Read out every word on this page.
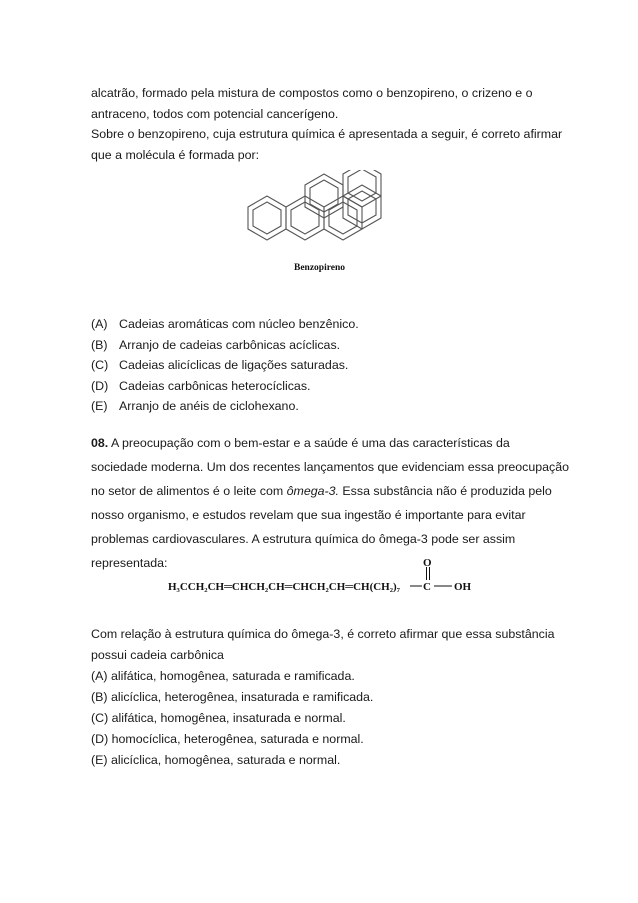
alcatrão, formado pela mistura de compostos como o benzopireno, o crizeno e o
antraceno, todos com potencial cancerígeno.
Sobre o benzopireno, cuja estrutura química é apresentada a seguir, é correto afirmar
que a molécula é formada por:
Benzopireno
(A) Cadeias aromáticas com núcleo benzênico.
(B) Arranjo de cadeias carbônicas acíclicas.
(C) Cadeias alicíclicas de ligações saturadas.
(D) Cadeias carbônicas heterocíclicas.
(E) Arranjo de anéis de ciclohexano.
08. A preocupação com o bem-estar e a saúde é uma das características da
sociedade moderna. Um dos recentes lançamentos que evidenciam essa preocupação
no setor de alimentos é o leite com ômega-3. Essa substância não é produzida pelo
nosso organismo, e estudos revelam que sua ingestão é importante para evitar
problemas cardiovasculares. A estrutura química do ômega-3 pode ser assim
representada:
H₃CCH₂CH═CHCH₂CH═CHCH₂CH═CH(CH₂)₇ C
O
OH
Com relação à estrutura química do ômega-3, é correto afirmar que essa substância
possui cadeia carbônica
(A) alifática, homogênea, saturada e ramificada.
(B) alicíclica, heterogênea, insaturada e ramificada.
(C) alifática, homogênea, insaturada e normal.
(D) homocíclica, heterogênea, saturada e normal.
(E) alicíclica, homogênea, saturada e normal.
